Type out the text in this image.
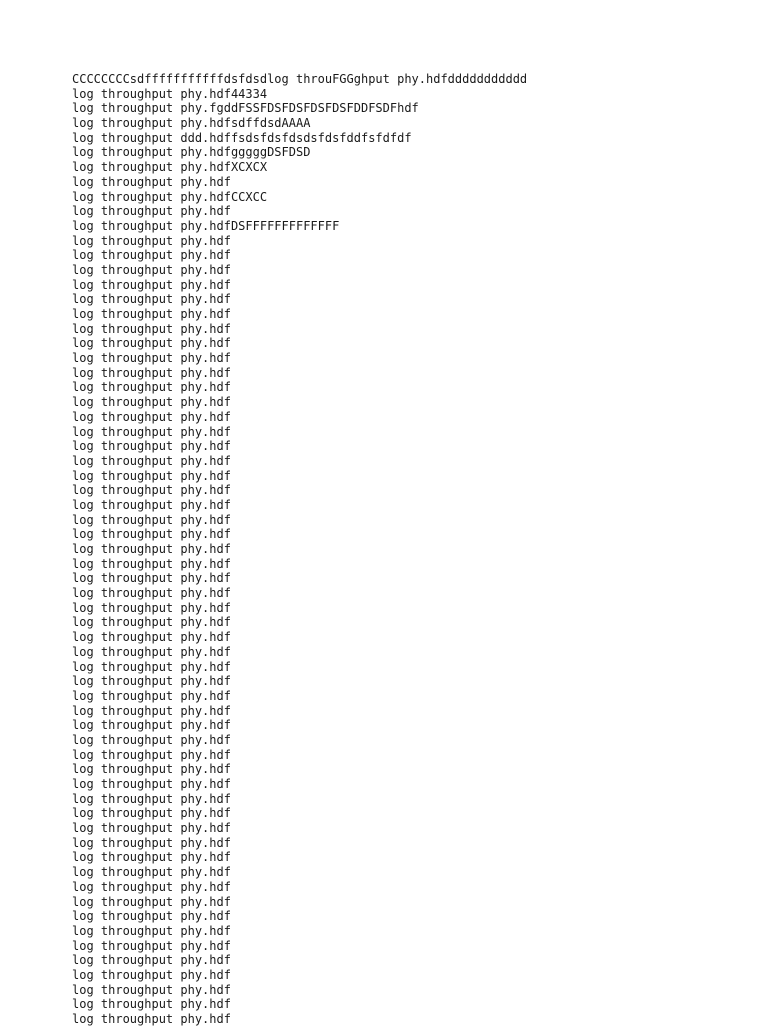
CCCCCCCCsdfffffffffffdsfdsdlog throuFGGghput phy.hdfddddddddddd
log throughput phy.hdf44334
log throughput phy.fgddFSSFDSFDSFDSFDSFDDFSDFhdf
log throughput phy.hdfsdffdsdAAAA
log throughput ddd.hdffsdsfdsfdsdsfdsfddfsfdfdf
log throughput phy.hdfgggggDSFDSD
log throughput phy.hdfXCXCX
log throughput phy.hdf
log throughput phy.hdfCCXCC
log throughput phy.hdf
log throughput phy.hdfDSFFFFFFFFFFFFF
log throughput phy.hdf
log throughput phy.hdf
log throughput phy.hdf
log throughput phy.hdf
log throughput phy.hdf
log throughput phy.hdf
log throughput phy.hdf
log throughput phy.hdf
log throughput phy.hdf
log throughput phy.hdf
log throughput phy.hdf
log throughput phy.hdf
log throughput phy.hdf
log throughput phy.hdf
log throughput phy.hdf
log throughput phy.hdf
log throughput phy.hdf
log throughput phy.hdf
log throughput phy.hdf
log throughput phy.hdf
log throughput phy.hdf
log throughput phy.hdf
log throughput phy.hdf
log throughput phy.hdf
log throughput phy.hdf
log throughput phy.hdf
log throughput phy.hdf
log throughput phy.hdf
log throughput phy.hdf
log throughput phy.hdf
log throughput phy.hdf
log throughput phy.hdf
log throughput phy.hdf
log throughput phy.hdf
log throughput phy.hdf
log throughput phy.hdf
log throughput phy.hdf
log throughput phy.hdf
log throughput phy.hdf
log throughput phy.hdf
log throughput phy.hdf
log throughput phy.hdf
log throughput phy.hdf
log throughput phy.hdf
log throughput phy.hdf
log throughput phy.hdf
log throughput phy.hdf
log throughput phy.hdf
log throughput phy.hdf
log throughput phy.hdf
log throughput phy.hdf
log throughput phy.hdf
log throughput phy.hdf
log throughput phy.hdf
